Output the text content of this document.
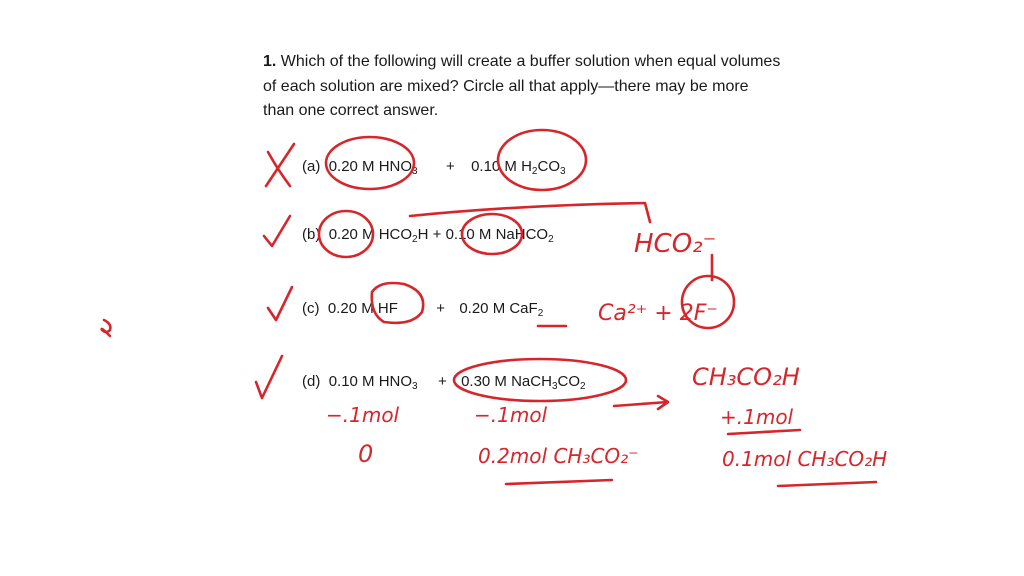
1. Which of the following will create a buffer solution when equal volumes of each solution are mixed? Circle all that apply—there may be more than one correct answer.
(a) 0.20 M $HNO_3 + 0.10$ M $H_2CO_3$
(b) 0.20 M $HCO_2H + 0.10$ M NaHCO$_2$
(c) 0.20 M HF	+ 0.20 M CaF$_2$
(d) 0.10 M $HNO_3 + 0.30$ M $NaCH_3CO_2$
HCO₂⁻
Ca²⁺ + 2F⁻
−.1mol
0
−.1mol
0.2mol CH₃CO₂⁻
CH₃CO₂H
+.1mol
0.1mol CH₃CO₂H
